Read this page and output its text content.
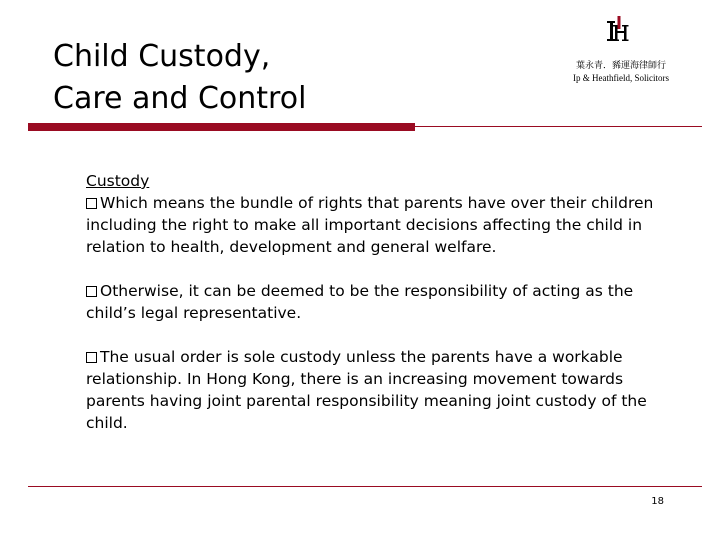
Child Custody,
Care and Control
葉永青．豨運海律師行
Ip & Heathfield, Solicitors

Custody

Which means the bundle of rights that parents have over their children including the right to make all important decisions affecting the child in relation to health, development and general welfare.

Otherwise, it can be deemed to be the responsibility of acting as the child’s legal representative.

The usual order is sole custody unless the parents have a workable relationship. In Hong Kong, there is an increasing movement towards parents having joint parental responsibility meaning joint custody of the child.

18
